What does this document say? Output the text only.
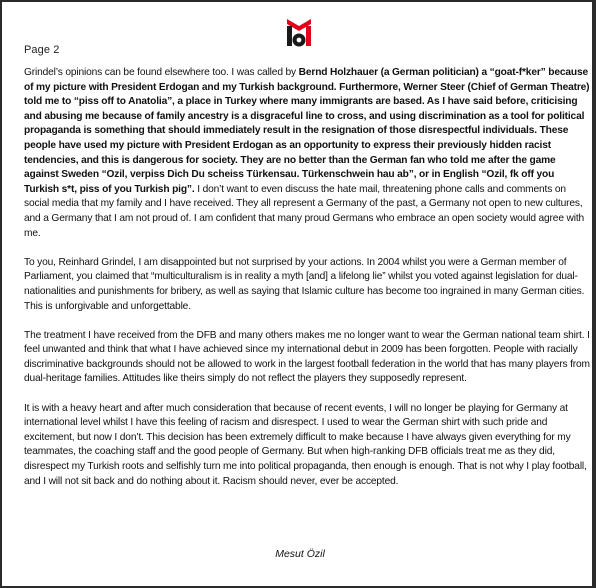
Page 2

Grindel’s opinions can be found elsewhere too. I was called by Bernd Holzhauer (a German politician) a “goat-f*ker” because of my picture with President Erdogan and my Turkish background. Furthermore, Werner Steer (Chief of German Theatre) told me to “piss off to Anatolia”, a place in Turkey where many immigrants are based. As I have said before, criticising and abusing me because of family ancestry is a disgraceful line to cross, and using discrimination as a tool for political propaganda is something that should immediately result in the resignation of those disrespectful individuals. These people have used my picture with President Erdogan as an opportunity to express their previously hidden racist tendencies, and this is dangerous for society. They are no better than the German fan who told me after the game against Sweden “Ozil, verpiss Dich Du scheiss Türkensau. Türkenschwein hau ab”, or in English “Ozil, fk off you Turkish s*t, piss of you Turkish pig”. I don’t want to even discuss the hate mail, threatening phone calls and comments on social media that my family and I have received. They all represent a Germany of the past, a Germany not open to new cultures, and a Germany that I am not proud of. I am confident that many proud Germans who embrace an open society would agree with me.

To you, Reinhard Grindel, I am disappointed but not surprised by your actions. In 2004 whilst you were a German member of Parliament, you claimed that “multiculturalism is in reality a myth [and] a lifelong lie” whilst you voted against legislation for dual-nationalities and punishments for bribery, as well as saying that Islamic culture has become too ingrained in many German cities. This is unforgivable and unforgettable.

The treatment I have received from the DFB and many others makes me no longer want to wear the German national team shirt. I feel unwanted and think that what I have achieved since my international debut in 2009 has been forgotten. People with racially discriminative backgrounds should not be allowed to work in the largest football federation in the world that has many players from dual-heritage families. Attitudes like theirs simply do not reflect the players they supposedly represent.

It is with a heavy heart and after much consideration that because of recent events, I will no longer be playing for Germany at international level whilst I have this feeling of racism and disrespect. I used to wear the German shirt with such pride and excitement, but now I don’t. This decision has been extremely difficult to make because I have always given everything for my teammates, the coaching staff and the good people of Germany. But when high-ranking DFB officials treat me as they did, disrespect my Turkish roots and selfishly turn me into political propaganda, then enough is enough. That is not why I play football, and I will not sit back and do nothing about it. Racism should never, ever be accepted.

Mesut Özil
